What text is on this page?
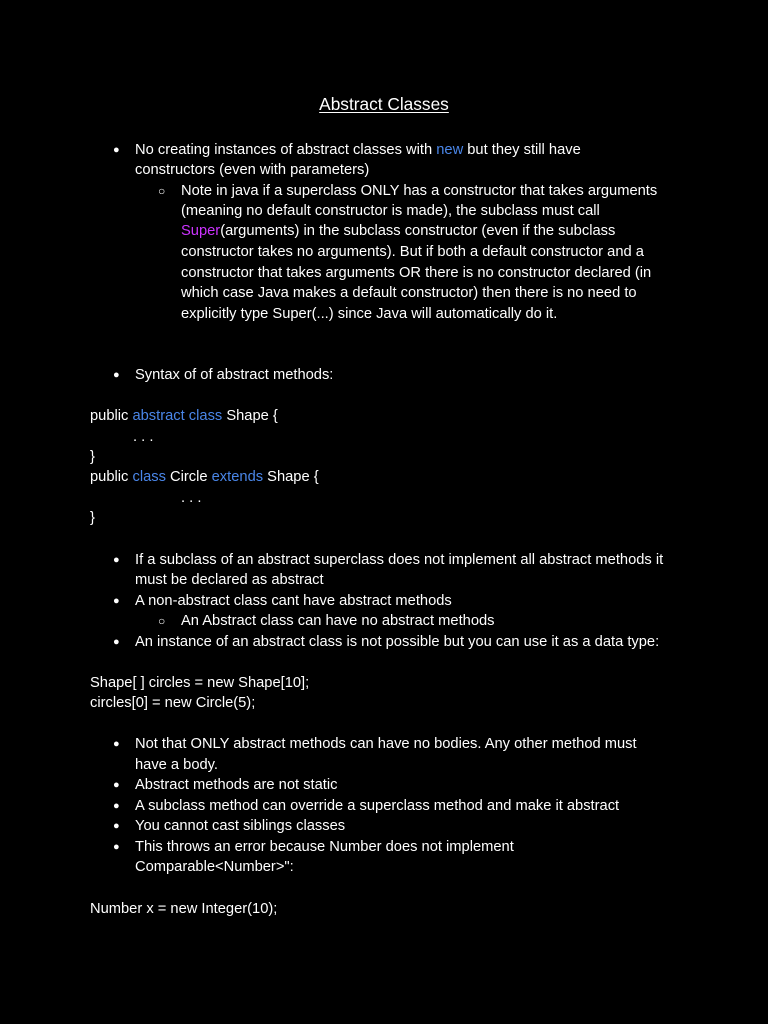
Abstract Classes
● No creating instances of abstract classes with new but they still have
constructors (even with parameters)
○ Note in java if a superclass ONLY has a constructor that takes arguments
(meaning no default constructor is made), the subclass must call
Super(arguments) in the subclass constructor (even if the subclass
constructor takes no arguments). But if both a default constructor and a
constructor that takes arguments OR there is no constructor declared (in
which case Java makes a default constructor) then there is no need to
explicitly type Super(...) since Java will automatically do it.
● Syntax of of abstract methods:
public abstract class Shape {
. . .
}
public class Circle extends Shape {
. . .
}
● If a subclass of an abstract superclass does not implement all abstract methods it
must be declared as abstract
● A non-abstract class cant have abstract methods
○ An Abstract class can have no abstract methods
● An instance of an abstract class is not possible but you can use it as a data type:
Shape[ ] circles = new Shape[10];
circles[0] = new Circle(5);
● Not that ONLY abstract methods can have no bodies. Any other method must
have a body.
● Abstract methods are not static
● A subclass method can override a superclass method and make it abstract
● You cannot cast siblings classes
● This throws an error because Number does not implement
Comparable<Number>":
Number x = new Integer(10);
